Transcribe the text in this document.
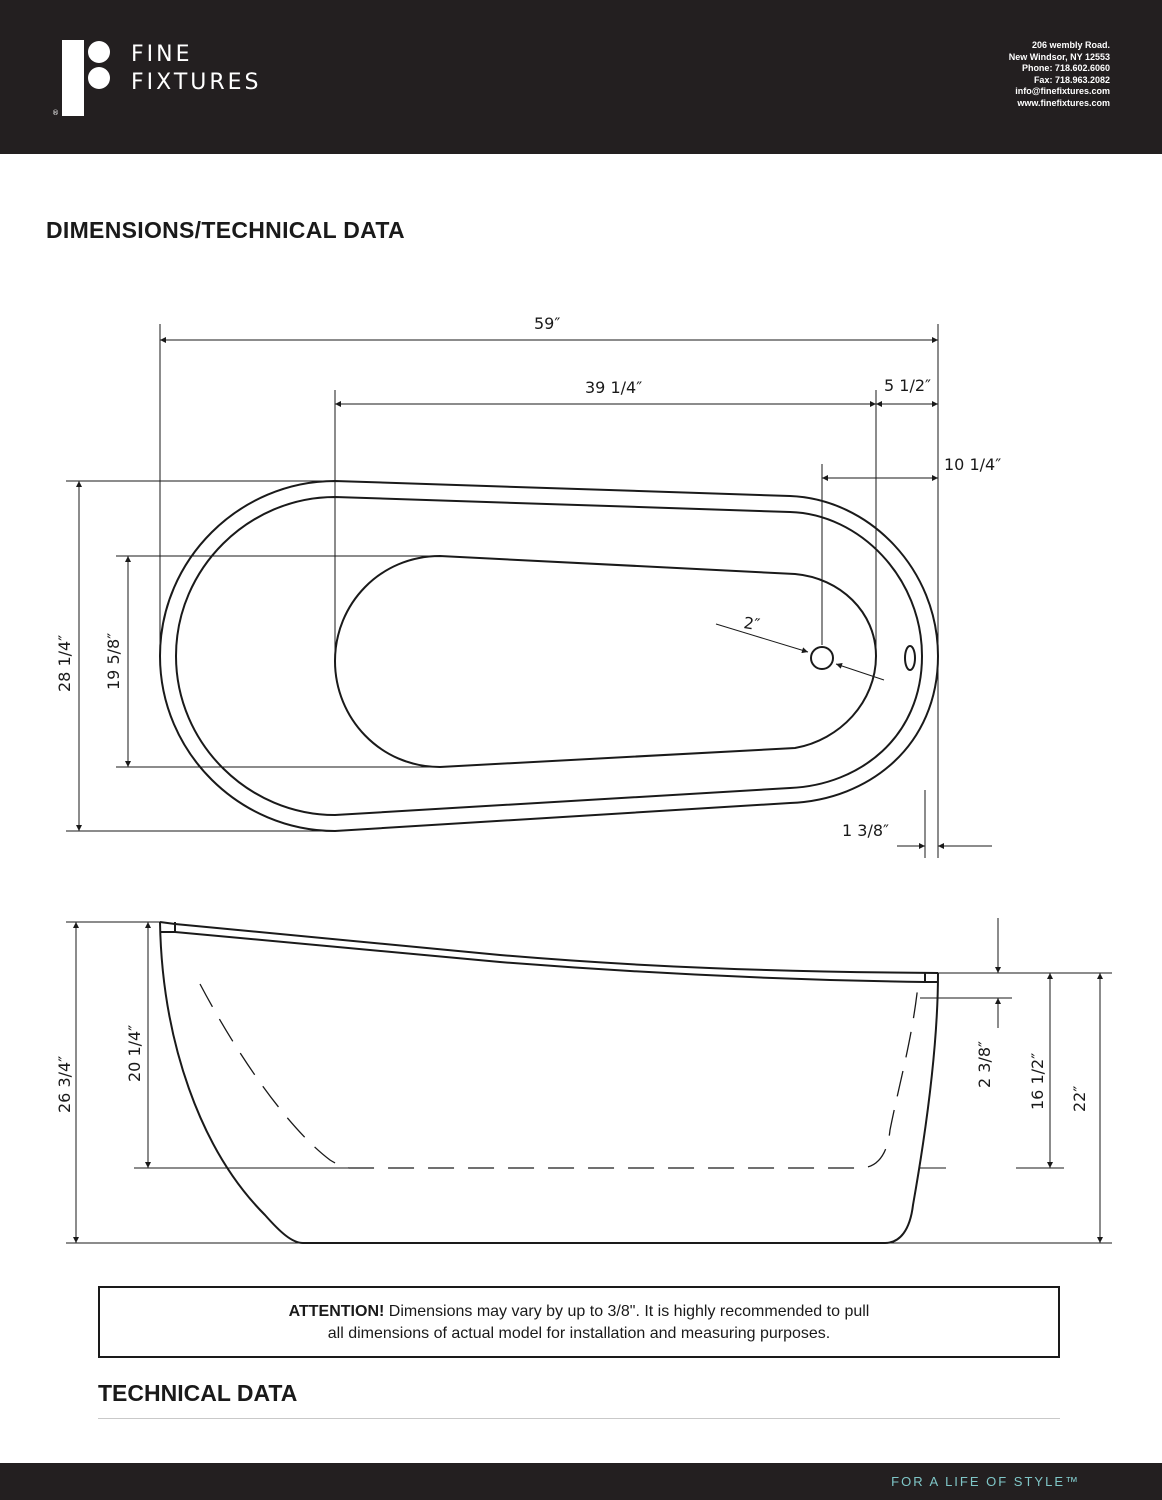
®
FINE
FIXTURES
206 wembly Road.
New Windsor, NY 12553
Phone: 718.602.6060
Fax: 718.963.2082
info@finefixtures.com
www.finefixtures.com
DIMENSIONS/TECHNICAL DATA
59″
39 1/4″	5 1/2″
10 1/4″
2″
28 1/4″ 19 5/8″
1 3/8″
26 3/4″
20 1/4″	2 3/8″ 16 1/2″ 22″
ATTENTION! Dimensions may vary by up to 3/8". It is highly recommended to pull
all dimensions of actual model for installation and measuring purposes.
TECHNICAL DATA
FOR A LIFE OF STYLE™
